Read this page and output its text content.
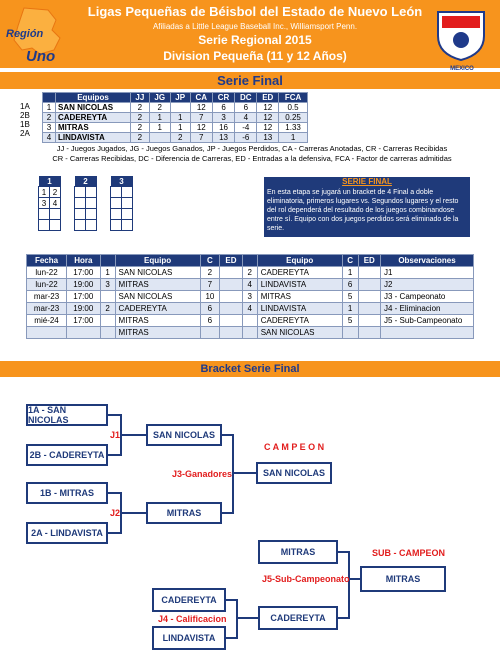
Región
Uno
MEXICO
Ligas Pequeñas de Béisbol del Estado de Nuevo León
Afiliadas a Little League Baseball Inc., Williamsport Penn.
Serie Regional 2015
Division Pequeña (11 y 12 Años)
Serie Final
1A
2B
1B
2A
	Equipos	JJ	JG	JP	CA	CR	DC	ED	FCA
1	SAN NICOLAS	2	2		12	6	6	12	0.5
2	CADEREYTA	2	1	1	7	3	4	12	0.25
3	MITRAS	2	1	1	12	16	-4	12	1.33
4	LINDAVISTA	2		2	7	13	-6	13	1
JJ - Juegos Jugados, JG - Juegos Ganados, JP - Juegos Perdidos, CA - Carreras Anotadas, CR - Carreras Recibidas CR - Carreras Recibidas, DC - Diferencia de Carreras, ED - Entradas a la defensiva, FCA - Factor de carreras admitidas
1	
1	2
3	4

2	

		3	

		SERIE FINAL
En esta etapa se jugará un bracket de 4 Final a doble eliminatoria, primeros lugares vs. Segundos lugares y el resto del rol dependerá del resultado de los juegos combinandose entre sí. Equipo con dos juegos perdidos será eliminado de la serie.
Fecha	Hora		Equipo	C	ED		Equipo	C	ED	Observaciones
lun-22	17:00	1	SAN NICOLAS	2		2	CADEREYTA	1		J1
lun-22	19:00	3	MITRAS	7		4	LINDAVISTA	6		J2
mar-23	17:00		SAN NICOLAS	10		3	MITRAS	5		J3 - Campeonato
mar-23	19:00	2	CADEREYTA	6		4	LINDAVISTA	1		J4 - Eliminacion
mié-24	17:00		MITRAS	6			CADEREYTA	5		J5 - Sub-Campeonato
			MITRAS				SAN NICOLAS			
Bracket Serie Final
1A - SAN NICOLAS
2B - CADEREYTA
J1	SAN NICOLAS
1B - MITRAS
2A - LINDAVISTA
J2	MITRAS
J3-Ganadores
C A M P E O N
SAN NICOLAS
MITRAS	SUB - CAMPEON
J5-Sub-Campeonato	MITRAS
CADEREYTA
LINDAVISTA
J4 - Calificacion	CADEREYTA
